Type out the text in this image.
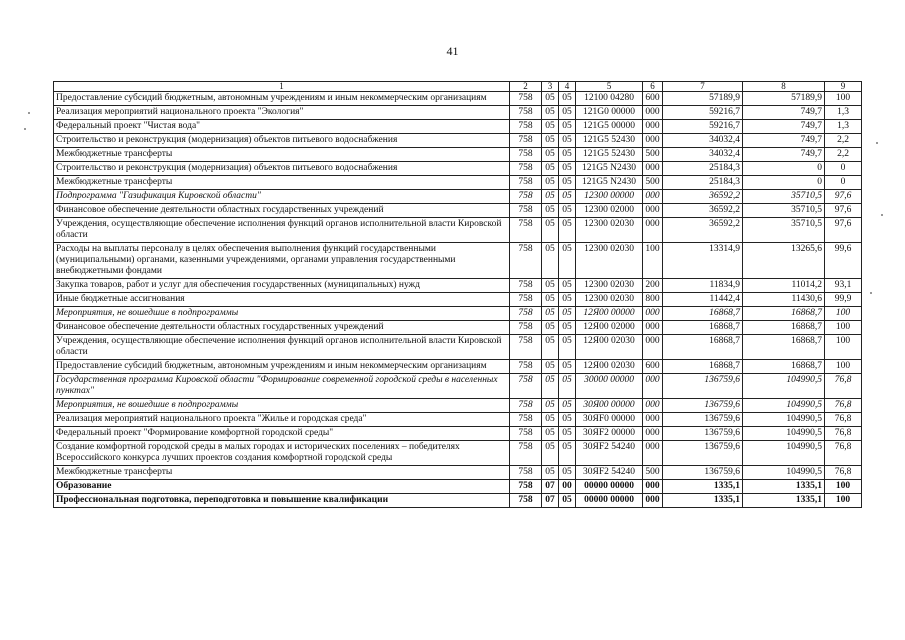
41
1	2	3	4	5	6	7	8	9
Предоставление субсидий бюджетным, автономным учреждениям и иным некоммерческим организациям	758	05	05	12100 04280	600	57189,9	57189,9	100
Реализация мероприятий национального проекта "Экология"	758	05	05	121G0 00000	000	59216,7	749,7	1,3
Федеральный проект "Чистая вода"	758	05	05	121G5 00000	000	59216,7	749,7	1,3
Строительство и реконструкция (модернизация) объектов питьевого водоснабжения	758	05	05	121G5 52430	000	34032,4	749,7	2,2
Межбюджетные трансферты	758	05	05	121G5 52430	500	34032,4	749,7	2,2
Строительство и реконструкция (модернизация) объектов питьевого водоснабжения	758	05	05	121G5 N2430	000	25184,3	0	0
Межбюджетные трансферты	758	05	05	121G5 N2430	500	25184,3	0	0
Подпрограмма "Газификация Кировской области"	758	05	05	12300 00000	000	36592,2	35710,5	97,6
Финансовое обеспечение деятельности областных государственных учреждений	758	05	05	12300 02000	000	36592,2	35710,5	97,6
Учреждения, осуществляющие обеспечение исполнения функций органов исполнительной власти Кировской области	758	05	05	12300 02030	000	36592,2	35710,5	97,6
Расходы на выплаты персоналу в целях обеспечения выполнения функций государственными (муниципальными) органами, казенными учреждениями, органами управления государственными внебюджетными фондами	758	05	05	12300 02030	100	13314,9	13265,6	99,6
Закупка товаров, работ и услуг для обеспечения государственных (муниципальных) нужд	758	05	05	12300 02030	200	11834,9	11014,2	93,1
Иные бюджетные ассигнования	758	05	05	12300 02030	800	11442,4	11430,6	99,9
Мероприятия, не вошедшие в подпрограммы	758	05	05	12Я00 00000	000	16868,7	16868,7	100
Финансовое обеспечение деятельности областных государственных учреждений	758	05	05	12Я00 02000	000	16868,7	16868,7	100
Учреждения, осуществляющие обеспечение исполнения функций органов исполнительной власти Кировской области	758	05	05	12Я00 02030	000	16868,7	16868,7	100
Предоставление субсидий бюджетным, автономным учреждениям и иным некоммерческим организациям	758	05	05	12Я00 02030	600	16868,7	16868,7	100
Государственная программа Кировской области "Формирование современной городской среды в населенных пунктах"	758	05	05	30000 00000	000	136759,6	104990,5	76,8
Мероприятия, не вошедшие в подпрограммы	758	05	05	30Я00 00000	000	136759,6	104990,5	76,8
Реализация мероприятий национального проекта "Жилье и городская среда"	758	05	05	30ЯF0 00000	000	136759,6	104990,5	76,8
Федеральный проект "Формирование комфортной городской среды"	758	05	05	30ЯF2 00000	000	136759,6	104990,5	76,8
Создание комфортной городской среды в малых городах и исторических поселениях – победителях Всероссийского конкурса лучших проектов создания комфортной городской среды	758	05	05	30ЯF2 54240	000	136759,6	104990,5	76,8
Межбюджетные трансферты	758	05	05	30ЯF2 54240	500	136759,6	104990,5	76,8
Образование	758	07	00	00000 00000	000	1335,1	1335,1	100
Профессиональная подготовка, переподготовка и повышение квалификации	758	07	05	00000 00000	000	1335,1	1335,1	100
